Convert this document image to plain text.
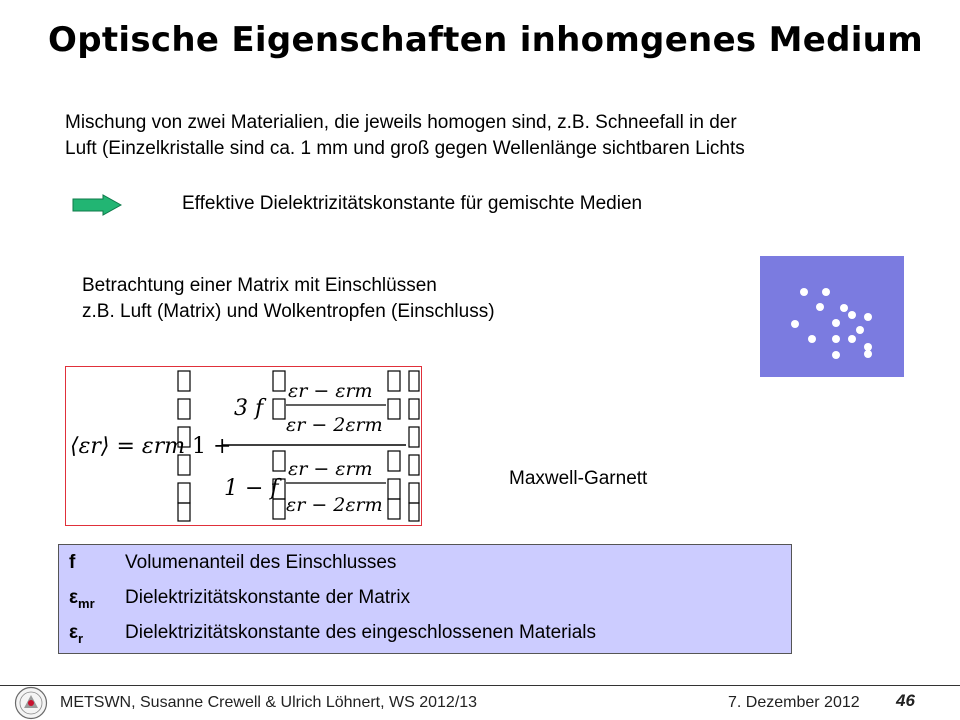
Optische Eigenschaften inhomgenes Medium
Mischung von zwei Materialien, die jeweils homogen sind, z.B. Schneefall in der
Luft (Einzelkristalle sind ca. 1 mm und groß gegen Wellenlänge sichtbaren Lichts
Effektive Dielektrizitätskonstante für gemischte Medien
Betrachtung einer Matrix mit Einschlüssen
z.B. Luft (Matrix) und Wolkentropfen (Einschluss)
⟨εr⟩ = εrm 1 +
3 f
1 − f
εr − εrm
εr − 2εrm
εr − εrm
εr − 2εrm
Maxwell-Garnett
f	Volumenanteil des Einschlusses
$\varepsilon_{mr}$ Dielektrizitätskonstante der Matrix
$\varepsilon_r$ Dielektrizitätskonstante des eingeschlossenen Materials
METSWN, Susanne Crewell & Ulrich Löhnert, WS 2012/13	7. Dezember 2012 46
